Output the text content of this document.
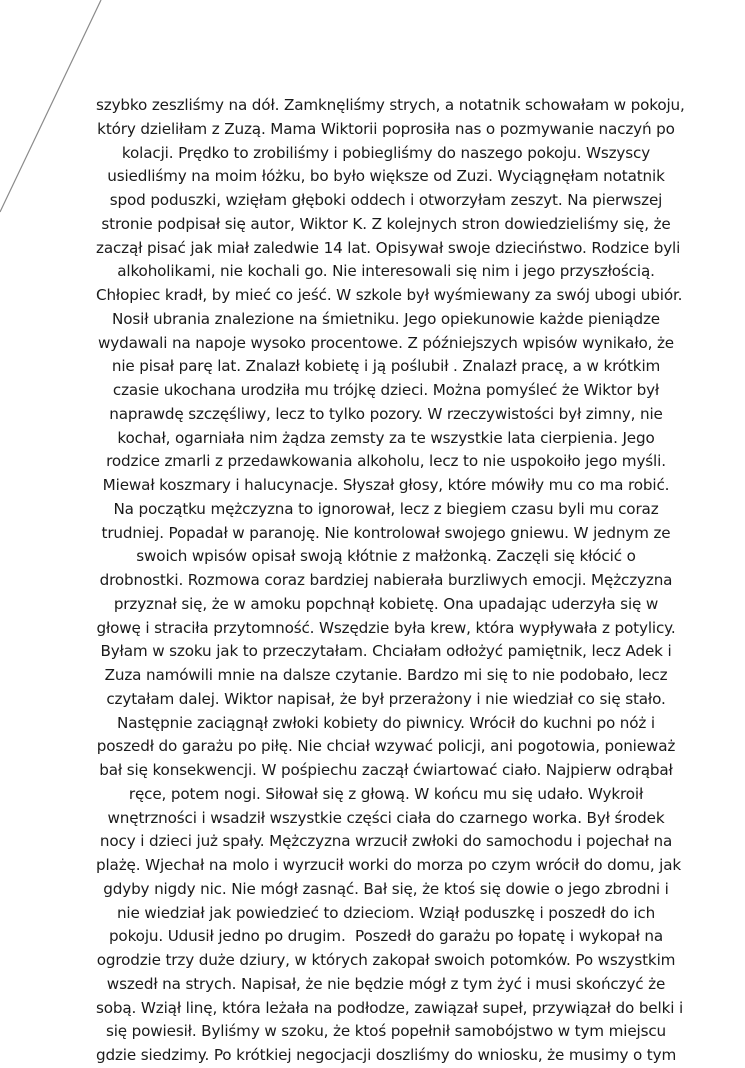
szybko zeszliśmy na dół. Zamknęliśmy strych, a notatnik schowałam w pokoju,
który dzieliłam z Zuzą. Mama Wiktorii poprosiła nas o pozmywanie naczyń po
kolacji. Prędko to zrobiliśmy i pobiegliśmy do naszego pokoju. Wszyscy
usiedliśmy na moim łóżku, bo było większe od Zuzi. Wyciągnęłam notatnik
spod poduszki, wzięłam głęboki oddech i otworzyłam zeszyt. Na pierwszej
stronie podpisał się autor, Wiktor K. Z kolejnych stron dowiedzieliśmy się, że
zaczął pisać jak miał zaledwie 14 lat. Opisywał swoje dzieciństwo. Rodzice byli
alkoholikami, nie kochali go. Nie interesowali się nim i jego przyszłością.
Chłopiec kradł, by mieć co jeść. W szkole był wyśmiewany za swój ubogi ubiór.
Nosił ubrania znalezione na śmietniku. Jego opiekunowie każde pieniądze
wydawali na napoje wysoko procentowe. Z późniejszych wpisów wynikało, że
nie pisał parę lat. Znalazł kobietę i ją poślubił . Znalazł pracę, a w krótkim
czasie ukochana urodziła mu trójkę dzieci. Można pomyśleć że Wiktor był
naprawdę szczęśliwy, lecz to tylko pozory. W rzeczywistości był zimny, nie
kochał, ogarniała nim żądza zemsty za te wszystkie lata cierpienia. Jego
rodzice zmarli z przedawkowania alkoholu, lecz to nie uspokoiło jego myśli.
Miewał koszmary i halucynacje. Słyszał głosy, które mówiły mu co ma robić.
Na początku mężczyzna to ignorował, lecz z biegiem czasu byli mu coraz
trudniej. Popadał w paranoję. Nie kontrolował swojego gniewu. W jednym ze
swoich wpisów opisał swoją kłótnie z małżonką. Zaczęli się kłócić o
drobnostki. Rozmowa coraz bardziej nabierała burzliwych emocji. Mężczyzna
przyznał się, że w amoku popchnął kobietę. Ona upadając uderzyła się w
głowę i straciła przytomność. Wszędzie była krew, która wypływała z potylicy.
Byłam w szoku jak to przeczytałam. Chciałam odłożyć pamiętnik, lecz Adek i
Zuza namówili mnie na dalsze czytanie. Bardzo mi się to nie podobało, lecz
czytałam dalej. Wiktor napisał, że był przerażony i nie wiedział co się stało.
Następnie zaciągnął zwłoki kobiety do piwnicy. Wrócił do kuchni po nóż i
poszedł do garażu po piłę. Nie chciał wzywać policji, ani pogotowia, ponieważ
bał się konsekwencji. W pośpiechu zaczął ćwiartować ciało. Najpierw odrąbał
ręce, potem nogi. Siłował się z głową. W końcu mu się udało. Wykroił
wnętrzności i wsadził wszystkie części ciała do czarnego worka. Był środek
nocy i dzieci już spały. Mężczyzna wrzucił zwłoki do samochodu i pojechał na
plażę. Wjechał na molo i wyrzucił worki do morza po czym wrócił do domu, jak
gdyby nigdy nic. Nie mógł zasnąć. Bał się, że ktoś się dowie o jego zbrodni i
nie wiedział jak powiedzieć to dzieciom. Wziął poduszkę i poszedł do ich
pokoju. Udusił jedno po drugim.  Poszedł do garażu po łopatę i wykopał na
ogrodzie trzy duże dziury, w których zakopał swoich potomków. Po wszystkim
wszedł na strych. Napisał, że nie będzie mógł z tym żyć i musi skończyć że
sobą. Wziął linę, która leżała na podłodze, zawiązał supeł, przywiązał do belki i
się powiesił. Byliśmy w szoku, że ktoś popełnił samobójstwo w tym miejscu
gdzie siedzimy. Po krótkiej negocjacji doszliśmy do wniosku, że musimy o tym
